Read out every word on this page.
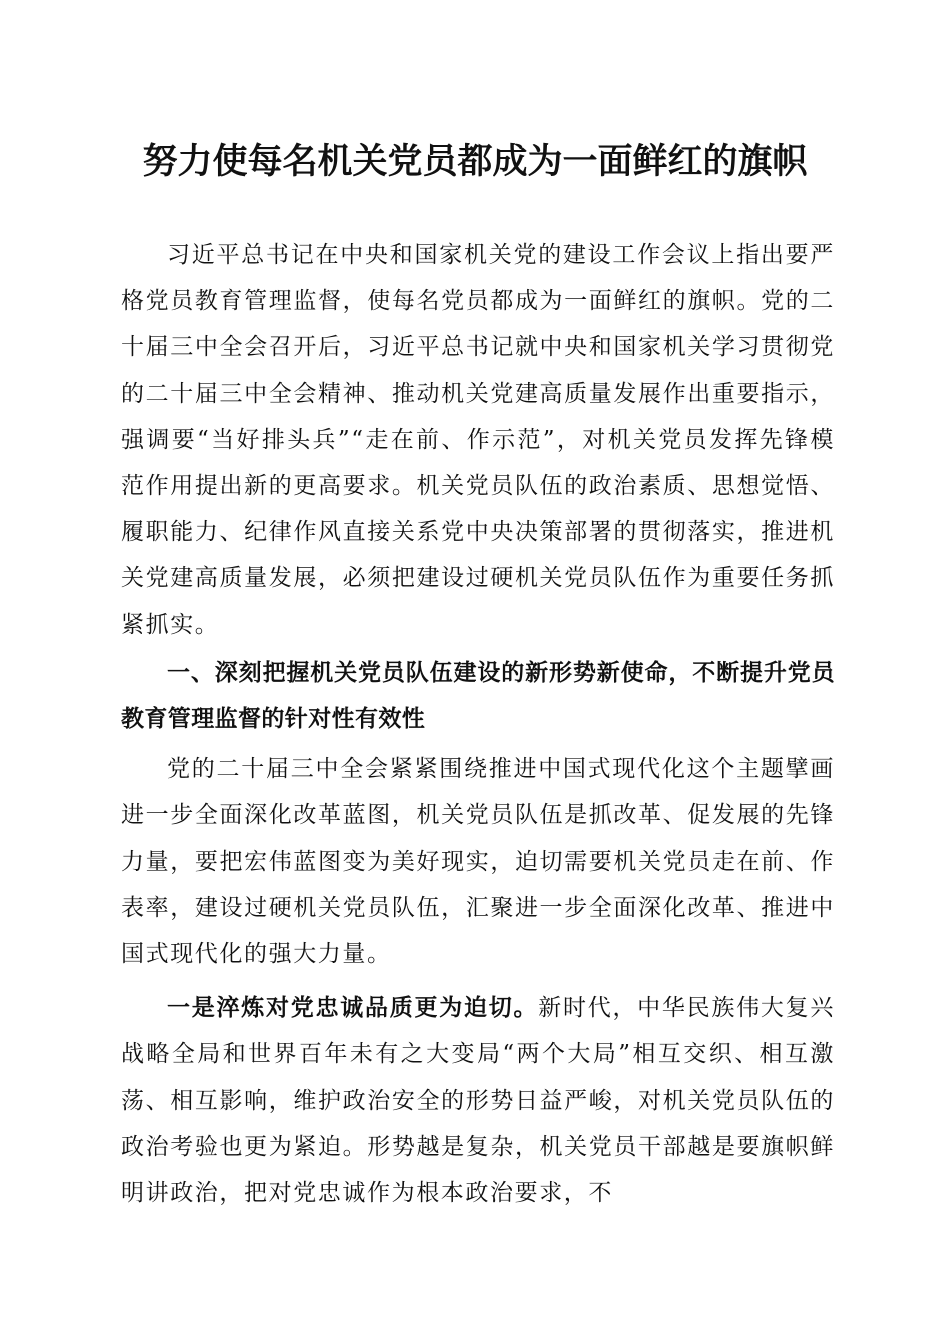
努力使每名机关党员都成为一面鲜红的旗帜

习近平总书记在中央和国家机关党的建设工作会议上指出要严格党员教育管理监督，使每名党员都成为一面鲜红的旗帜。党的二十届三中全会召开后，习近平总书记就中央和国家机关学习贯彻党的二十届三中全会精神、推动机关党建高质量发展作出重要指示，强调要“当好排头兵”“走在前、作示范”，对机关党员发挥先锋模范作用提出新的更高要求。机关党员队伍的政治素质、思想觉悟、履职能力、纪律作风直接关系党中央决策部署的贯彻落实，推进机关党建高质量发展，必须把建设过硬机关党员队伍作为重要任务抓紧抓实。

一、深刻把握机关党员队伍建设的新形势新使命，不断提升党员教育管理监督的针对性有效性

党的二十届三中全会紧紧围绕推进中国式现代化这个主题擘画进一步全面深化改革蓝图，机关党员队伍是抓改革、促发展的先锋力量，要把宏伟蓝图变为美好现实，迫切需要机关党员走在前、作表率，建设过硬机关党员队伍，汇聚进一步全面深化改革、推进中国式现代化的强大力量。

一是淬炼对党忠诚品质更为迫切。新时代，中华民族伟大复兴战略全局和世界百年未有之大变局“两个大局”相互交织、相互激荡、相互影响，维护政治安全的形势日益严峻，对机关党员队伍的政治考验也更为紧迫。形势越是复杂，机关党员干部越是要旗帜鲜明讲政治，把对党忠诚作为根本政治要求，不
